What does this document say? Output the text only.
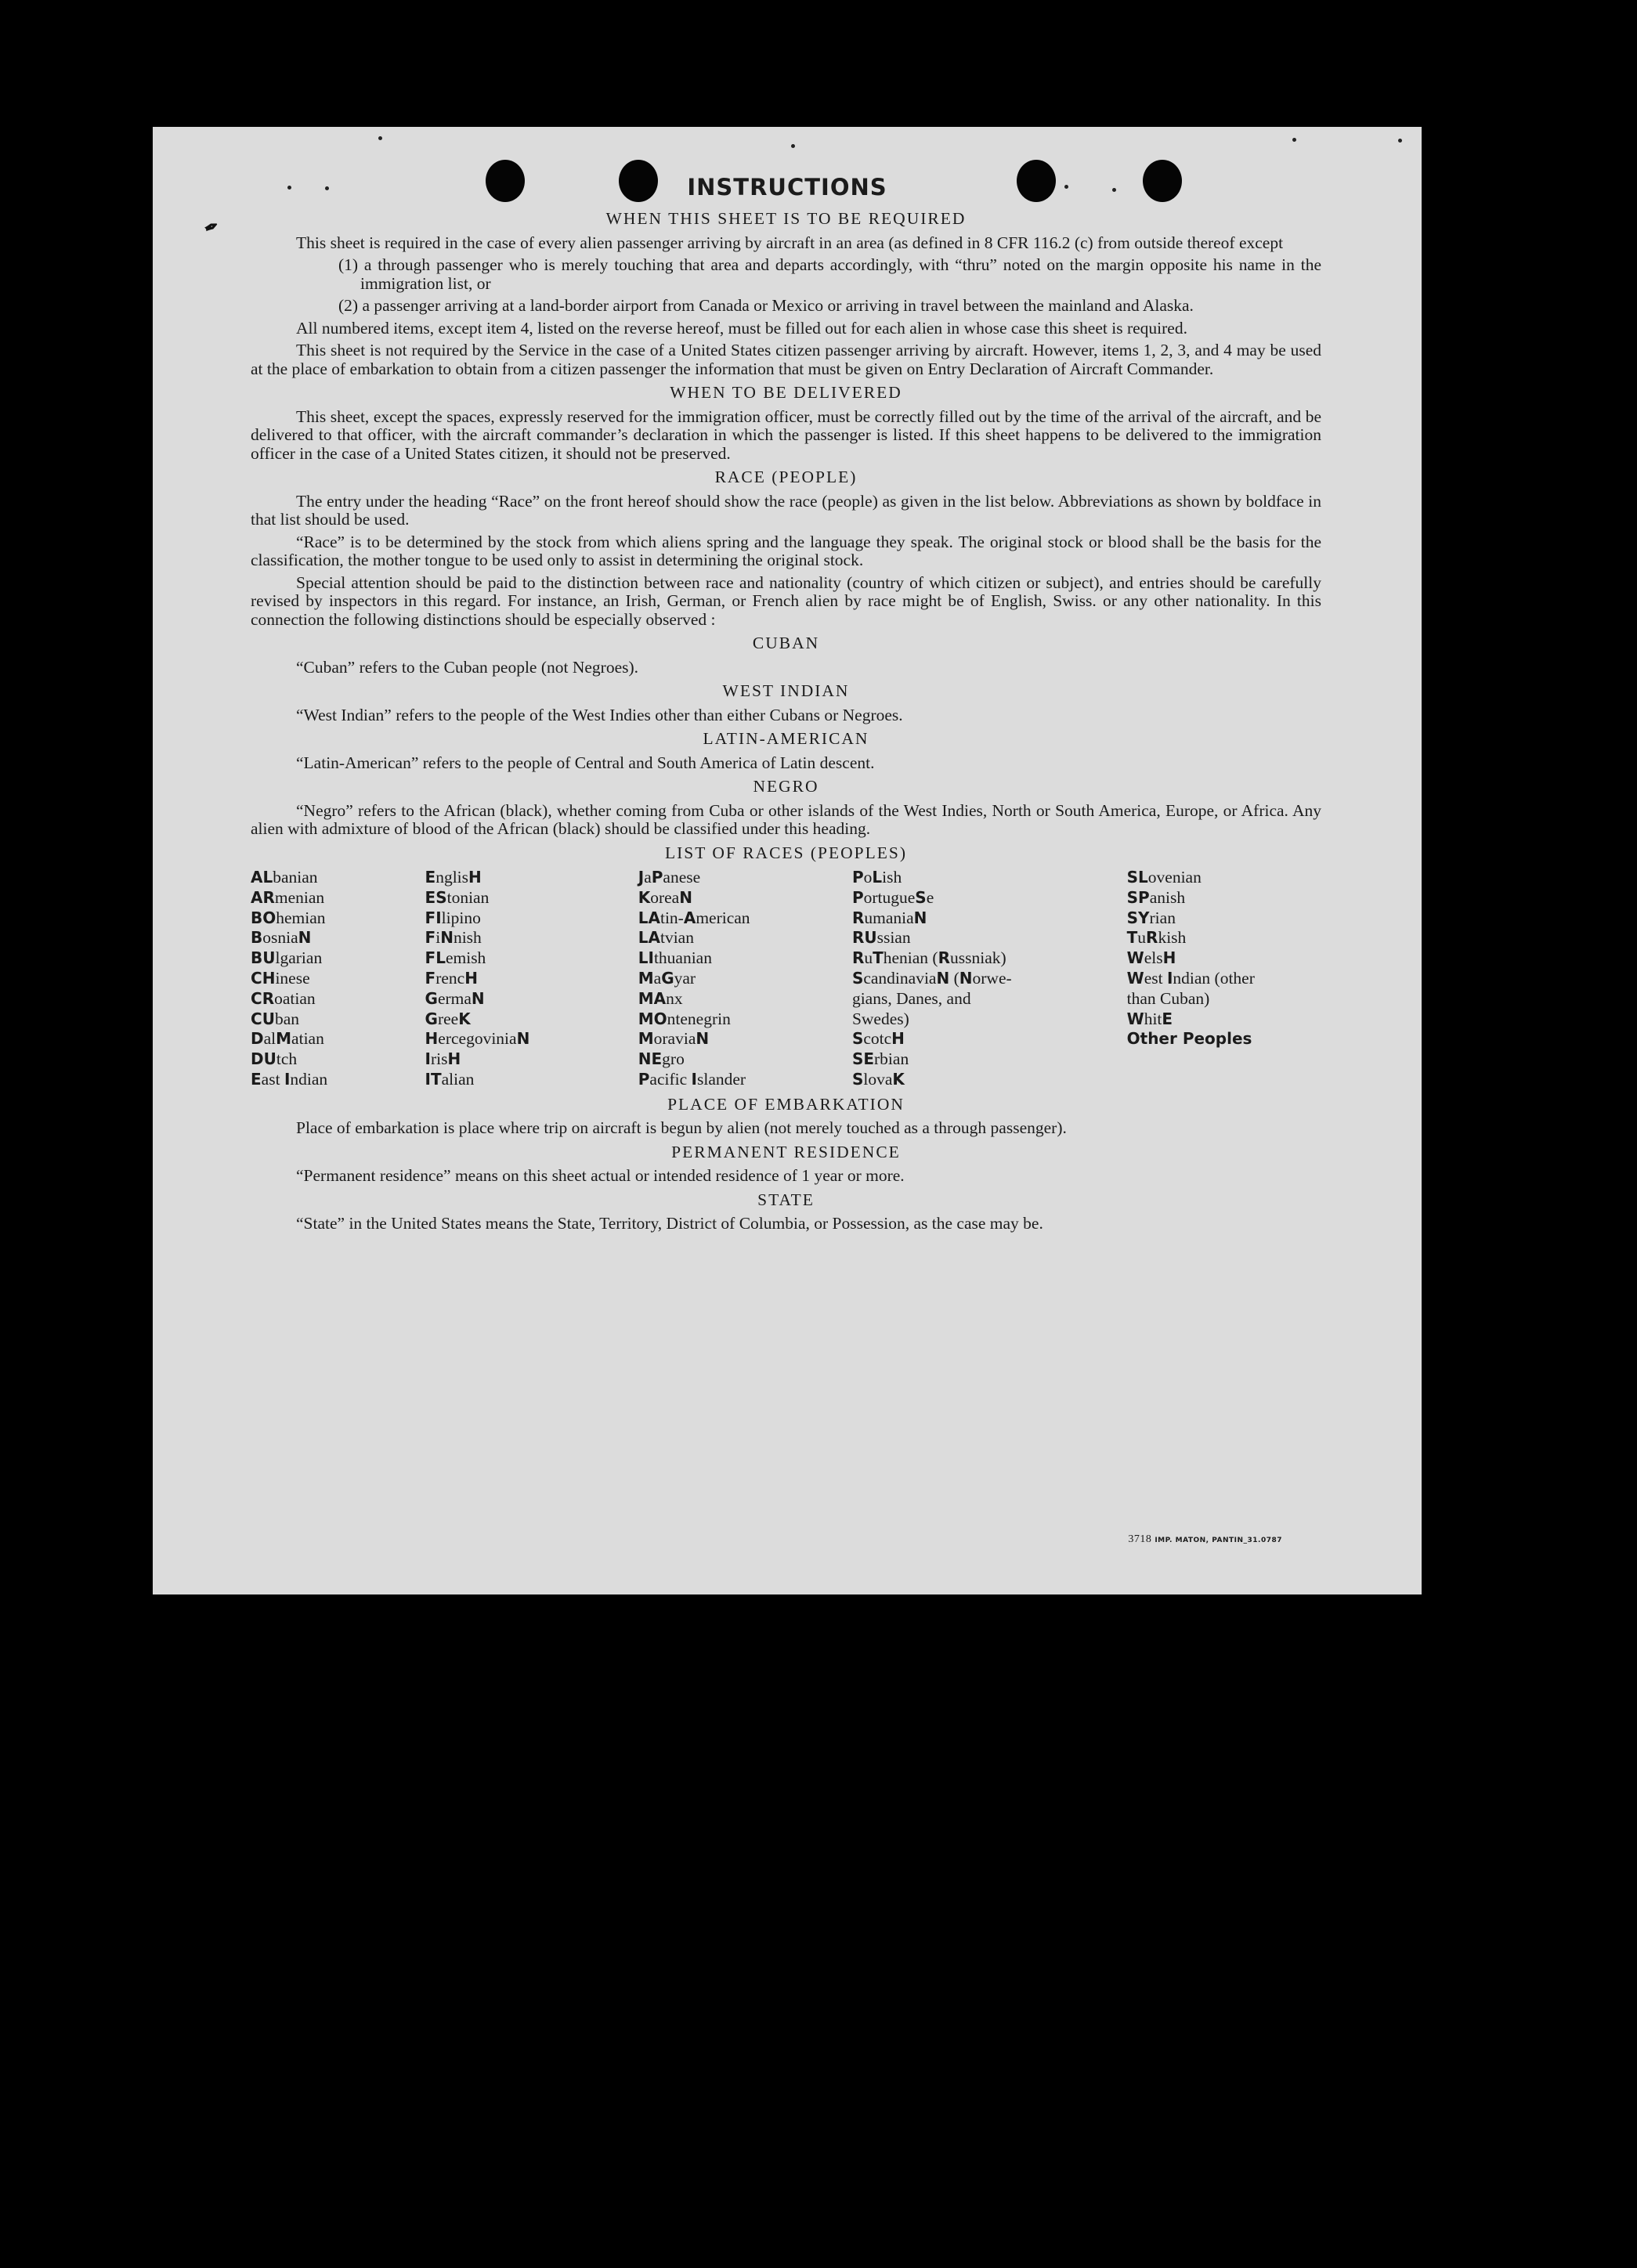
✒
INSTRUCTIONS
WHEN THIS SHEET IS TO BE REQUIRED

This sheet is required in the case of every alien passenger arriving by aircraft in an area (as defined in 8 CFR 116.2 (c) from outside thereof except

(1) a through passenger who is merely touching that area and departs accordingly, with “thru” noted on the margin opposite his name in the immigration list, or

(2) a passenger arriving at a land-border airport from Canada or Mexico or arriving in travel between the mainland and Alaska.

All numbered items, except item 4, listed on the reverse hereof, must be filled out for each alien in whose case this sheet is required.

This sheet is not required by the Service in the case of a United States citizen passenger arriving by aircraft. However, items 1, 2, 3, and 4 may be used at the place of embarkation to obtain from a citizen passenger the information that must be given on Entry Declaration of Aircraft Commander.

WHEN TO BE DELIVERED

This sheet, except the spaces, expressly reserved for the immigration officer, must be correctly filled out by the time of the arrival of the aircraft, and be delivered to that officer, with the aircraft commander’s declaration in which the passenger is listed. If this sheet happens to be delivered to the immigration officer in the case of a United States citizen, it should not be preserved.

RACE (PEOPLE)

The entry under the heading “Race” on the front hereof should show the race (people) as given in the list below. Abbreviations as shown by boldface in that list should be used.

“Race” is to be determined by the stock from which aliens spring and the language they speak. The original stock or blood shall be the basis for the classification, the mother tongue to be used only to assist in determining the original stock.

Special attention should be paid to the distinction between race and nationality (country of which citizen or subject), and entries should be carefully revised by inspectors in this regard. For instance, an Irish, German, or French alien by race might be of English, Swiss. or any other nationality. In this connection the following distinctions should be especially observed :

CUBAN

“Cuban” refers to the Cuban people (not Negroes).

WEST INDIAN

“West Indian” refers to the people of the West Indies other than either Cubans or Negroes.

LATIN-AMERICAN

“Latin-American” refers to the people of Central and South America of Latin descent.

NEGRO

“Negro” refers to the African (black), whether coming from Cuba or other islands of the West Indies, North or South America, Europe, or Africa. Any alien with admixture of blood of the African (black) should be classified under this heading.

LIST OF RACES (PEOPLES)
ALbanian
ARmenian
BOhemian
BosniaN
BUlgarian
CHinese
CRoatian
CUban
DalMatian
DUtch
East Indian
EnglisH
EStonian
FIlipino
FiNnish
FLemish
FrencH
GermaN
GreeK
HercegoviniaN
IrisH
ITalian
JaPanese
KoreaN
LAtin-American
LAtvian
LIthuanian
MaGyar
MAnx
MOntenegrin
MoraviaN
NEgro
Pacific Islander
PoLish
PortugueSe
RumaniaN
RUssian
RuThenian (Russniak)
ScandinaviaN (Norwe-
gians, Danes, and
Swedes)
ScotcH
SErbian
SlovaK
SLovenian
SPanish
SYrian
TuRkish
WelsH
West Indian (other
than Cuban)
WhitE
Other Peoples
PLACE OF EMBARKATION

Place of embarkation is place where trip on aircraft is begun by alien (not merely touched as a through passenger).

PERMANENT RESIDENCE

“Permanent residence” means on this sheet actual or intended residence of 1 year or more.

STATE

“State” in the United States means the State, Territory, District of Columbia, or Possession, as the case may be.

3718 IMP. MATON, PANTIN_31.0787
